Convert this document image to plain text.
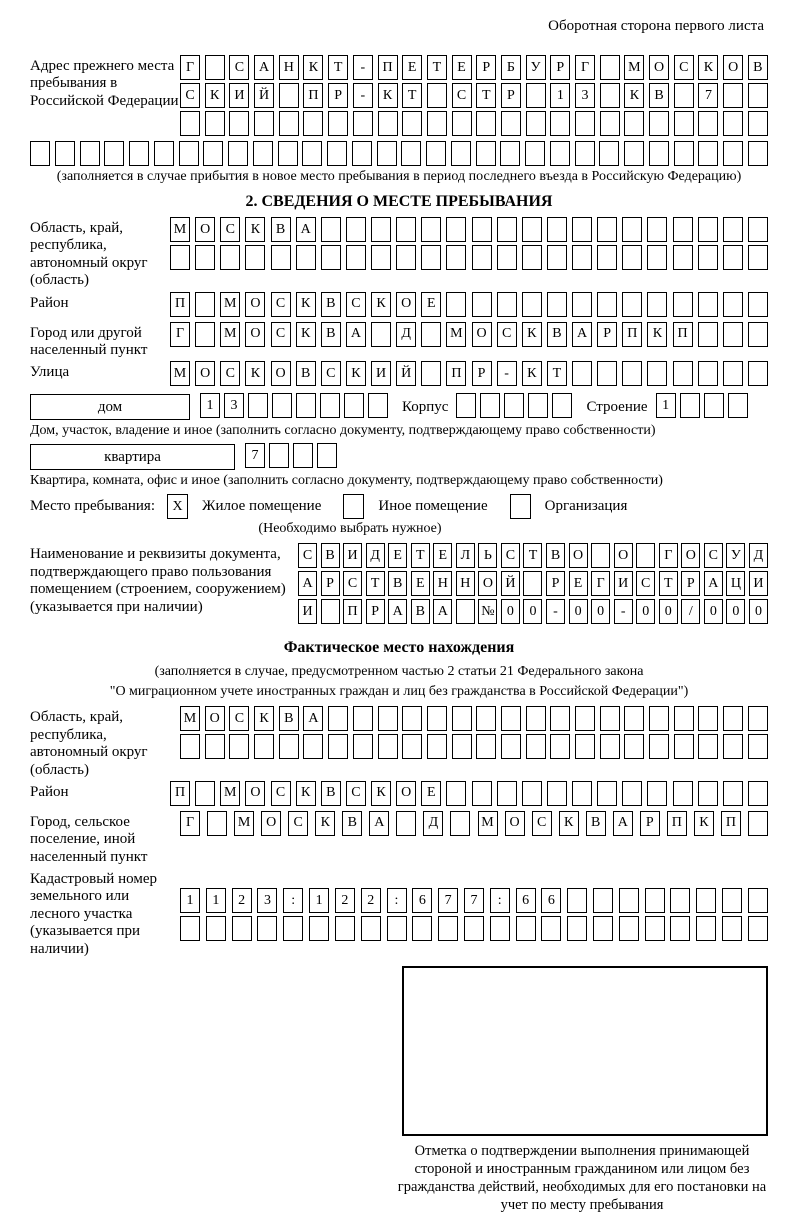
Оборотная сторона первого листа
Адрес прежнего места пребывания в Российской Федерации
Г	С	А	Н	К	Т	-	П	Е	Т	Е	Р	Б	У	Р	Г	М О	С	К	О	В
С	К	И	Й	П	Р	-	К	Т	С	Т	Р	1	3	К	В	7
(заполняется в случае прибытия в новое место пребывания в период последнего въезда в Российскую Федерацию)
2. СВЕДЕНИЯ О МЕСТЕ ПРЕБЫВАНИЯ
Область, край, республика, автономный округ (область)
М О	С	К	В	А
Район	П	М О	С	К	В	С	К	О	Е
Город или другой населенный пункт
Г	М О	С	К	В	А	Д	М О	С	К	В	А	Р	П	К	П
Улица	М О	С	К	О	В	С	К	И	Й	П	Р	-	К	Т
дом	1	3	Корпус	Строение	1
Дом, участок, владение и иное (заполнить согласно документу, подтверждающему право собственности)
квартира	7
Квартира, комната, офис и иное (заполнить согласно документу, подтверждающему право собственности)
Место пребывания:	X	Жилое помещение	Иное помещение	Организация
(Необходимо выбрать нужное)
Наименование и реквизиты документа, подтверждающего право пользования помещением (строением, сооружением) (указывается при наличии)
С В И Д Е Т Е Л Ь С Т В О	О	Г О С У Д
А Р С Т В Е Н Н О Й	Р	Е	Г И С Т	Р А Ц И
И	П Р А В А	№ 0	0	-	0	0	-	0	0	/	0	0	0
Фактическое место нахождения
(заполняется в случае, предусмотренном частью 2 статьи 21 Федерального закона
"О миграционном учете иностранных граждан и лиц без гражданства в Российской Федерации")
Область, край, республика, автономный округ (область)
М О	С	К	В	А
Район	П	М О	С	К	В	С	К	О	Е
Город, сельское поселение, иной населенный пункт
Г	М	О	С	К	В	А	Д	М	О	С	К	В	А	Р	П	К	П
Кадастровый номер земельного или лесного участка (указывается при наличии)
1	1	2	3	:	1	2	2	:	6	7	7	:	6	6
Отметка о подтверждении выполнения принимающей стороной и иностранным гражданином или лицом без гражданства действий, необходимых для его постановки на учет по месту пребывания
